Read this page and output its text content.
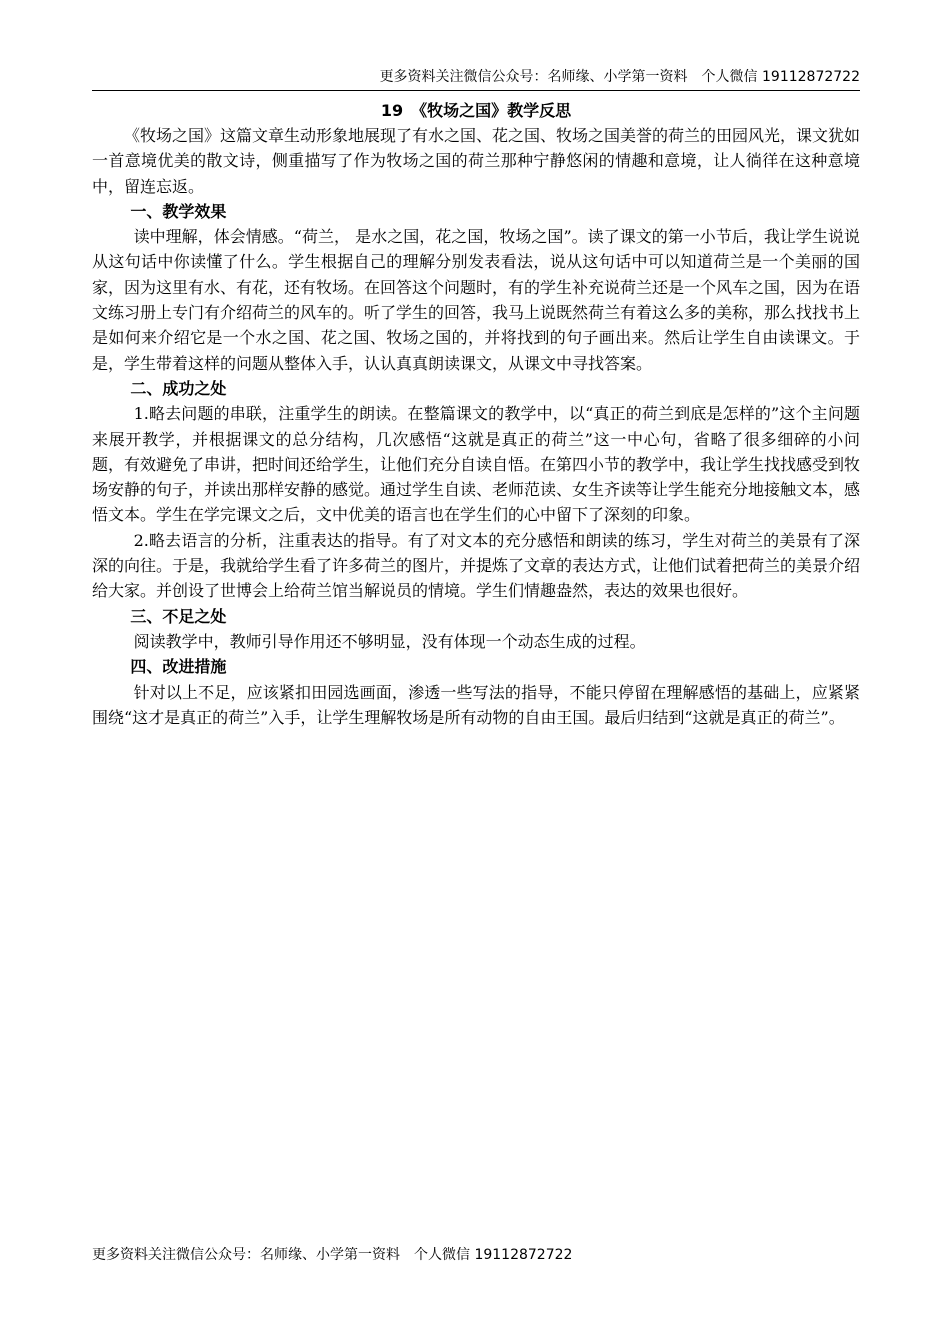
更多资料关注微信公众号：名师缘、小学第一资料　个人微信 19112872722

19　《牧场之国》教学反思

《牧场之国》这篇文章生动形象地展现了有水之国、花之国、牧场之国美誉的荷兰的田园风光，课文犹如一首意境优美的散文诗，侧重描写了作为牧场之国的荷兰那种宁静悠闲的情趣和意境，让人徜徉在这种意境中，留连忘返。

一、教学效果

读中理解，体会情感。“荷兰， 是水之国，花之国，牧场之国”。读了课文的第一小节后，我让学生说说从这句话中你读懂了什么。学生根据自己的理解分别发表看法，说从这句话中可以知道荷兰是一个美丽的国家，因为这里有水、有花，还有牧场。在回答这个问题时，有的学生补充说荷兰还是一个风车之国，因为在语文练习册上专门有介绍荷兰的风车的。听了学生的回答，我马上说既然荷兰有着这么多的美称，那么找找书上是如何来介绍它是一个水之国、花之国、牧场之国的，并将找到的句子画出来。然后让学生自由读课文。于是，学生带着这样的问题从整体入手，认认真真朗读课文，从课文中寻找答案。

二、成功之处

1.略去问题的串联，注重学生的朗读。在整篇课文的教学中，以“真正的荷兰到底是怎样的”这个主问题来展开教学，并根据课文的总分结构，几次感悟“这就是真正的荷兰”这一中心句，省略了很多细碎的小问题，有效避免了串讲，把时间还给学生，让他们充分自读自悟。在第四小节的教学中，我让学生找找感受到牧场安静的句子，并读出那样安静的感觉。通过学生自读、老师范读、女生齐读等让学生能充分地接触文本，感悟文本。学生在学完课文之后，文中优美的语言也在学生们的心中留下了深刻的印象。

2.略去语言的分析，注重表达的指导。有了对文本的充分感悟和朗读的练习，学生对荷兰的美景有了深深的向往。于是，我就给学生看了许多荷兰的图片，并提炼了文章的表达方式，让他们试着把荷兰的美景介绍给大家。并创设了世博会上给荷兰馆当解说员的情境。学生们情趣盎然，表达的效果也很好。

三、不足之处

阅读教学中，教师引导作用还不够明显，没有体现一个动态生成的过程。

四、改进措施

针对以上不足，应该紧扣田园选画面，渗透一些写法的指导，不能只停留在理解感悟的基础上，应紧紧围绕“这才是真正的荷兰”入手，让学生理解牧场是所有动物的自由王国。最后归结到“这就是真正的荷兰”。

更多资料关注微信公众号：名师缘、小学第一资料　个人微信 19112872722
